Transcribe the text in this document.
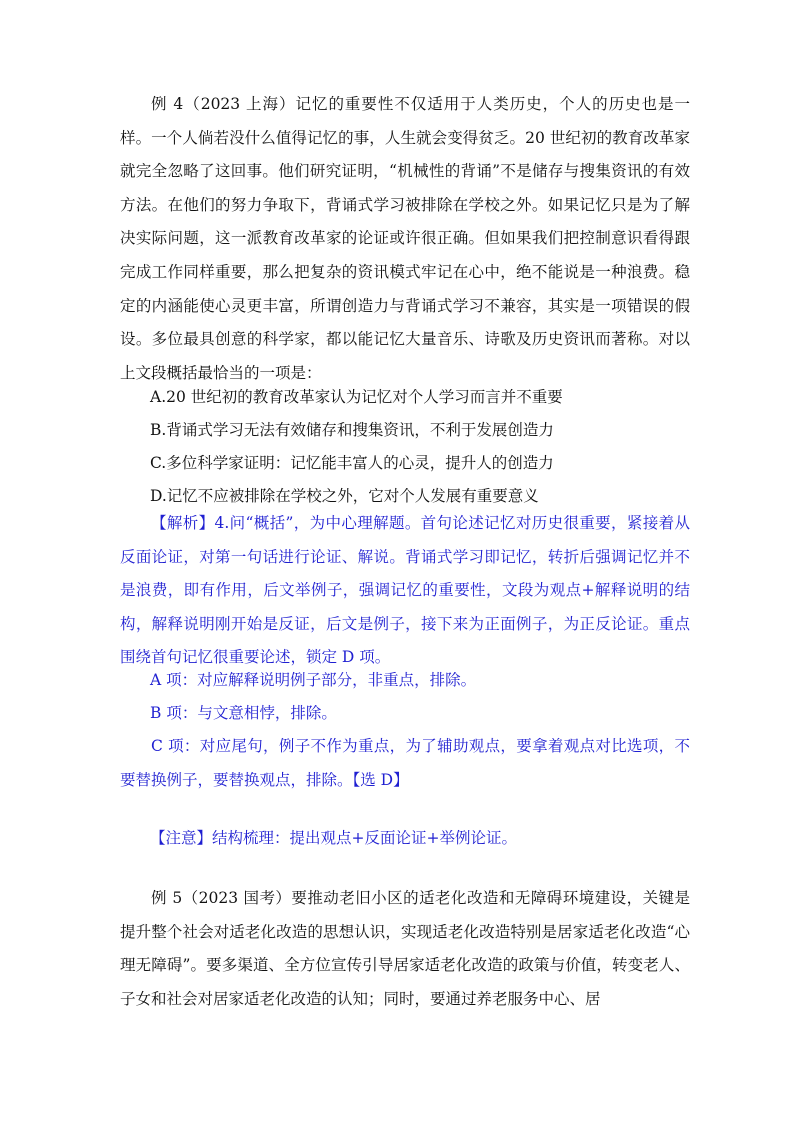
例 4（2023 上海）记忆的重要性不仅适用于人类历史，个人的历史也是一样。一个人倘若没什么值得记忆的事，人生就会变得贫乏。20 世纪初的教育改革家就完全忽略了这回事。他们研究证明，“机械性的背诵”不是储存与搜集资讯的有效方法。在他们的努力争取下，背诵式学习被排除在学校之外。如果记忆只是为了解决实际问题，这一派教育改革家的论证或许很正确。但如果我们把控制意识看得跟完成工作同样重要，那么把复杂的资讯模式牢记在心中，绝不能说是一种浪费。稳定的内涵能使心灵更丰富，所谓创造力与背诵式学习不兼容，其实是一项错误的假设。多位最具创意的科学家，都以能记忆大量音乐、诗歌及历史资讯而著称。对以上文段概括最恰当的一项是：

A.20 世纪初的教育改革家认为记忆对个人学习而言并不重要

B.背诵式学习无法有效储存和搜集资讯，不利于发展创造力

C.多位科学家证明：记忆能丰富人的心灵，提升人的创造力

D.记忆不应被排除在学校之外，它对个人发展有重要意义

【解析】4.问“概括”，为中心理解题。首句论述记忆对历史很重要，紧接着从反面论证，对第一句话进行论证、解说。背诵式学习即记忆，转折后强调记忆并不是浪费，即有作用，后文举例子，强调记忆的重要性，文段为观点+解释说明的结构，解释说明刚开始是反证，后文是例子，接下来为正面例子，为正反论证。重点围绕首句记忆很重要论述，锁定 D 项。

A 项：对应解释说明例子部分，非重点，排除。

B 项：与文意相悖，排除。

C 项：对应尾句，例子不作为重点，为了辅助观点，要拿着观点对比选项，不要替换例子，要替换观点，排除。【选 D】

【注意】结构梳理：提出观点+反面论证+举例论证。

例 5（2023 国考）要推动老旧小区的适老化改造和无障碍环境建设，关键是提升整个社会对适老化改造的思想认识，实现适老化改造特别是居家适老化改造“心理无障碍”。要多渠道、全方位宣传引导居家适老化改造的政策与价值，转变老人、子女和社会对居家适老化改造的认知；同时，要通过养老服务中心、居
